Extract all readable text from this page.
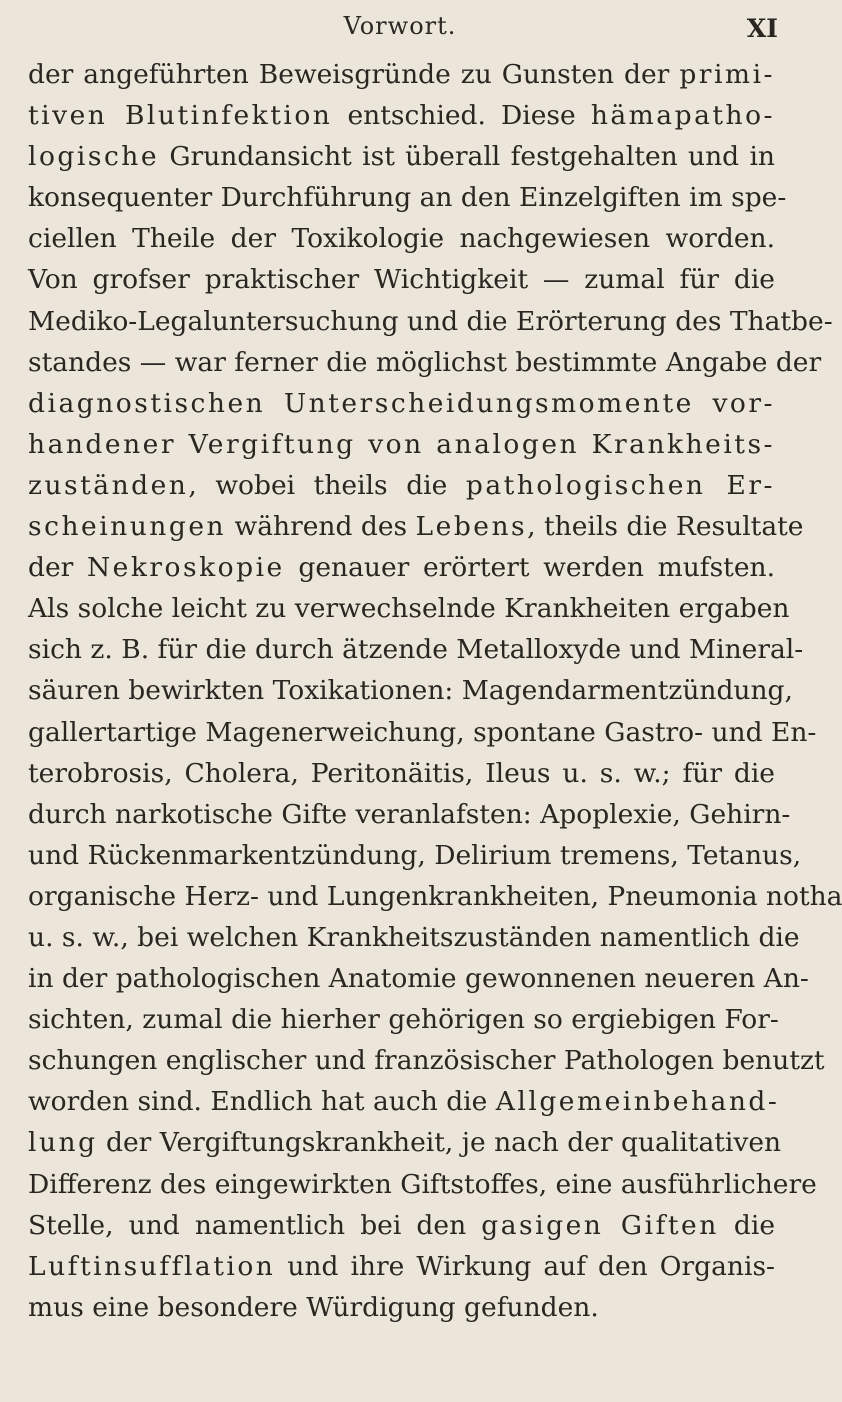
Vorwort.	XI
der angeführten Beweisgründe zu Gunsten der primi-
tiven Blutinfektion entschied. Diese hämapatho-
logische Grundansicht ist überall festgehalten und in
konsequenter Durchführung an den Einzelgiften im spe-
ciellen Theile der Toxikologie nachgewiesen worden.
Von grofser praktischer Wichtigkeit — zumal für die
Mediko-Legaluntersuchung und die Erörterung des Thatbe-
standes — war ferner die möglichst bestimmte Angabe der
diagnostischen Unterscheidungsmomente vor-
handener Vergiftung von analogen Krankheits-
zuständen, wobei theils die pathologischen Er-
scheinungen während des Lebens, theils die Resultate
der Nekroskopie genauer erörtert werden mufsten.
Als solche leicht zu verwechselnde Krankheiten ergaben
sich z. B. für die durch ätzende Metalloxyde und Mineral-
säuren bewirkten Toxikationen: Magendarmentzündung,
gallertartige Magenerweichung, spontane Gastro- und En-
terobrosis, Cholera, Peritonäitis, Ileus u. s. w.; für die
durch narkotische Gifte veranlafsten: Apoplexie, Gehirn-
und Rückenmarkentzündung, Delirium tremens, Tetanus,
organische Herz- und Lungenkrankheiten, Pneumonia notha
u. s. w., bei welchen Krankheitszuständen namentlich die
in der pathologischen Anatomie gewonnenen neueren An-
sichten, zumal die hierher gehörigen so ergiebigen For-
schungen englischer und französischer Pathologen benutzt
worden sind. Endlich hat auch die Allgemeinbehand-
lung der Vergiftungskrankheit, je nach der qualitativen
Differenz des eingewirkten Giftstoffes, eine ausführlichere
Stelle, und namentlich bei den gasigen Giften die
Luftinsufflation und ihre Wirkung auf den Organis-
mus eine besondere Würdigung gefunden.
